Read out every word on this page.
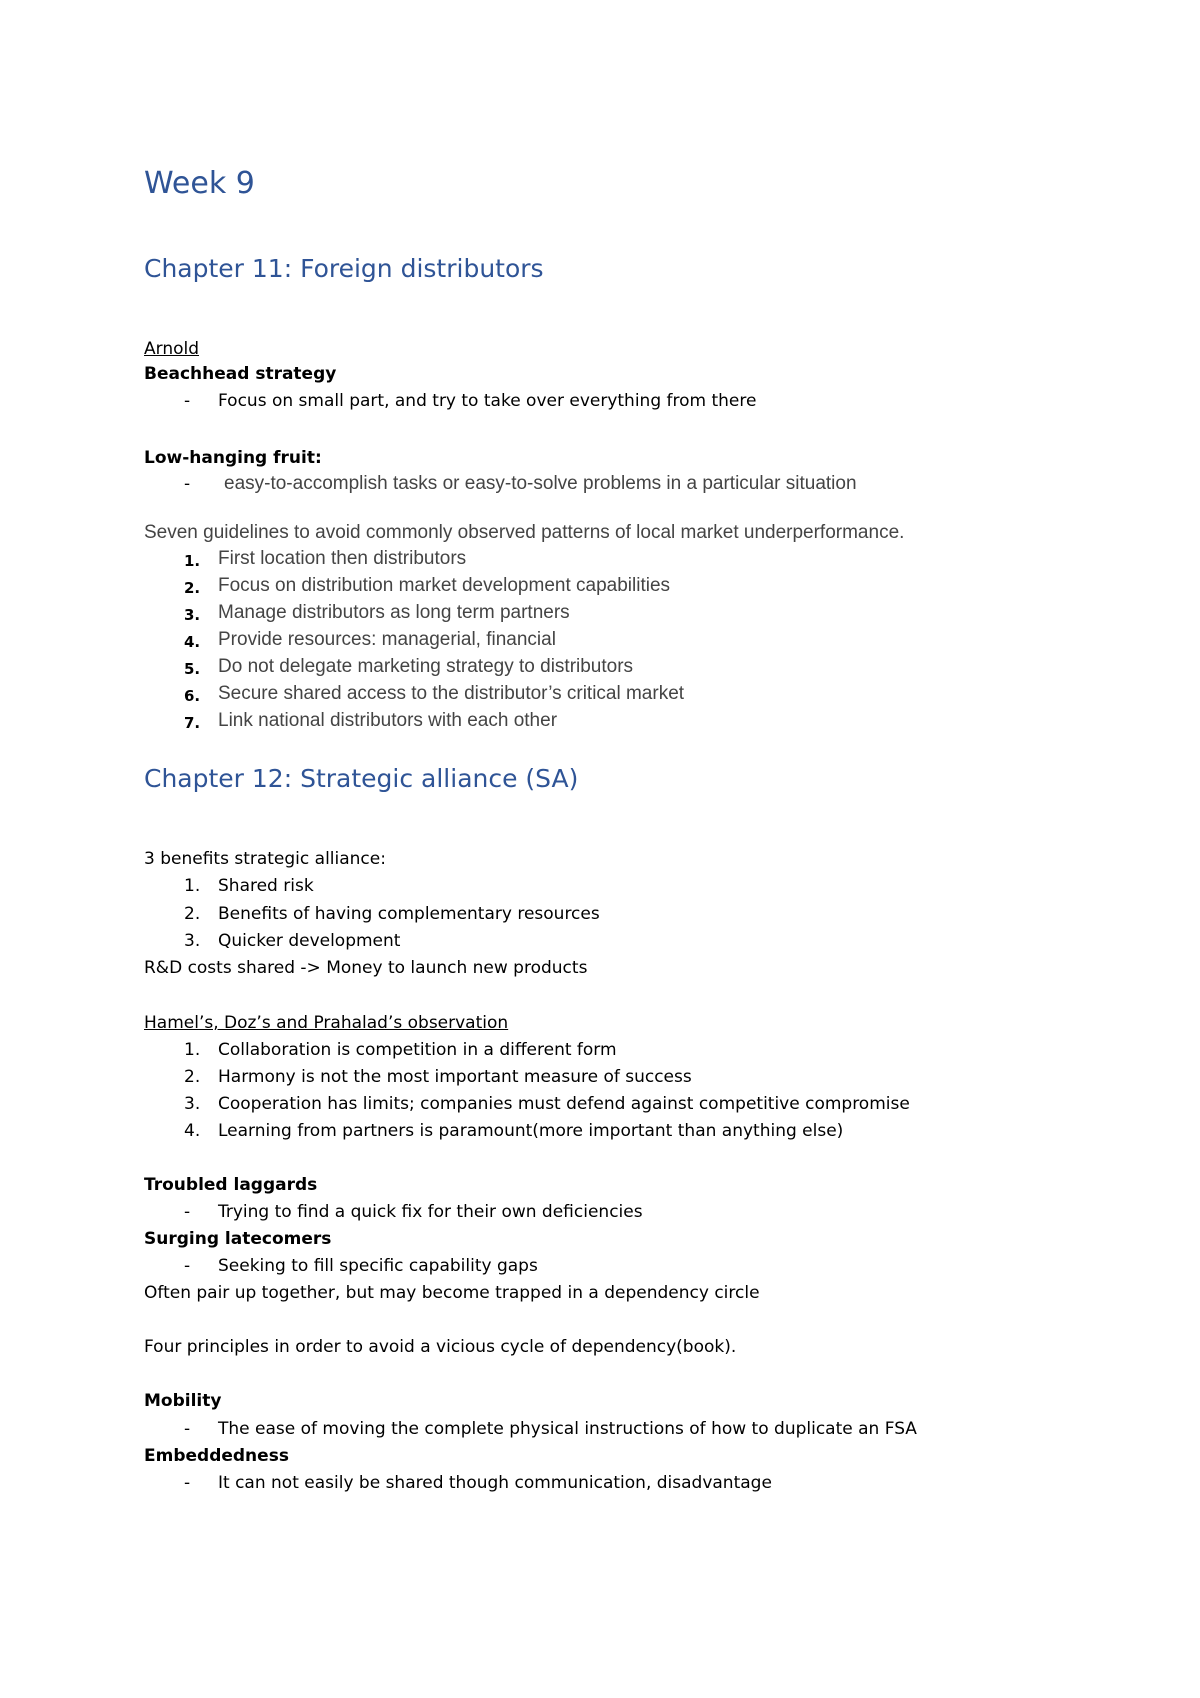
Week 9
Chapter 11: Foreign distributors
Arnold
Beachhead strategy
- Focus on small part, and try to take over everything from there
Low-hanging fruit:
- easy-to-accomplish tasks or easy-to-solve problems in a particular situation
Seven guidelines to avoid commonly observed patterns of local market underperformance.
1. First location then distributors
2. Focus on distribution market development capabilities
3. Manage distributors as long term partners
4. Provide resources: managerial, financial
5. Do not delegate marketing strategy to distributors
6. Secure shared access to the distributor’s critical market
7. Link national distributors with each other
Chapter 12: Strategic alliance (SA)
3 benefits strategic alliance:
1. Shared risk
2. Benefits of having complementary resources
3. Quicker development
R&D costs shared -> Money to launch new products
Hamel’s, Doz’s and Prahalad’s observation
1. Collaboration is competition in a different form
2. Harmony is not the most important measure of success
3. Cooperation has limits; companies must defend against competitive compromise
4. Learning from partners is paramount(more important than anything else)
Troubled laggards
- Trying to find a quick fix for their own deficiencies
Surging latecomers
- Seeking to fill specific capability gaps
Often pair up together, but may become trapped in a dependency circle
Four principles in order to avoid a vicious cycle of dependency(book).
Mobility
- The ease of moving the complete physical instructions of how to duplicate an FSA
Embeddedness
- It can not easily be shared though communication, disadvantage
